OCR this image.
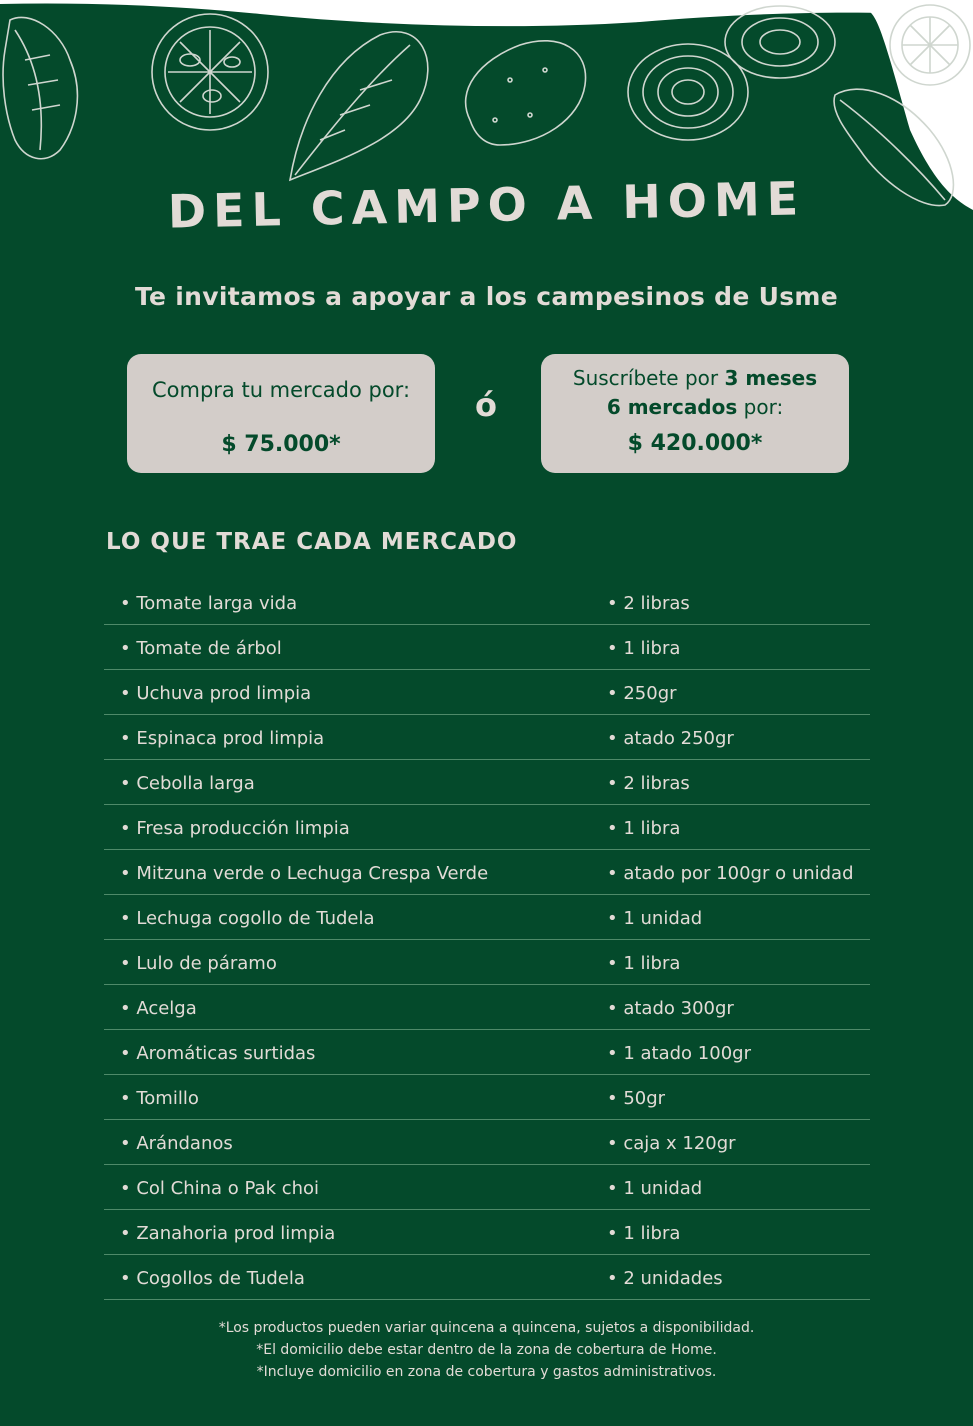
DEL CAMPO A HOME
Te invitamos a apoyar a los campesinos de Usme
Compra tu mercado por:
$ 75.000*
ó
Suscríbete por 3 meses
6 mercados por:
$ 420.000*
LO QUE TRAE CADA MERCADO
• Tomate larga vida	• 2 libras
• Tomate de árbol	• 1 libra
• Uchuva prod limpia	• 250gr
• Espinaca prod limpia	• atado 250gr
• Cebolla larga	• 2 libras
• Fresa producción limpia	• 1 libra
• Mitzuna verde o Lechuga Crespa Verde	• atado por 100gr o unidad
• Lechuga cogollo de Tudela	• 1 unidad
• Lulo de páramo	• 1 libra
• Acelga	• atado 300gr
• Aromáticas surtidas	• 1 atado 100gr
• Tomillo	• 50gr
• Arándanos	• caja x 120gr
• Col China o Pak choi	• 1 unidad
• Zanahoria prod limpia	• 1 libra
• Cogollos de Tudela	• 2 unidades
*Los productos pueden variar quincena a quincena, sujetos a disponibilidad.
*El domicilio debe estar dentro de la zona de cobertura de Home.
*Incluye domicilio en zona de cobertura y gastos administrativos.
